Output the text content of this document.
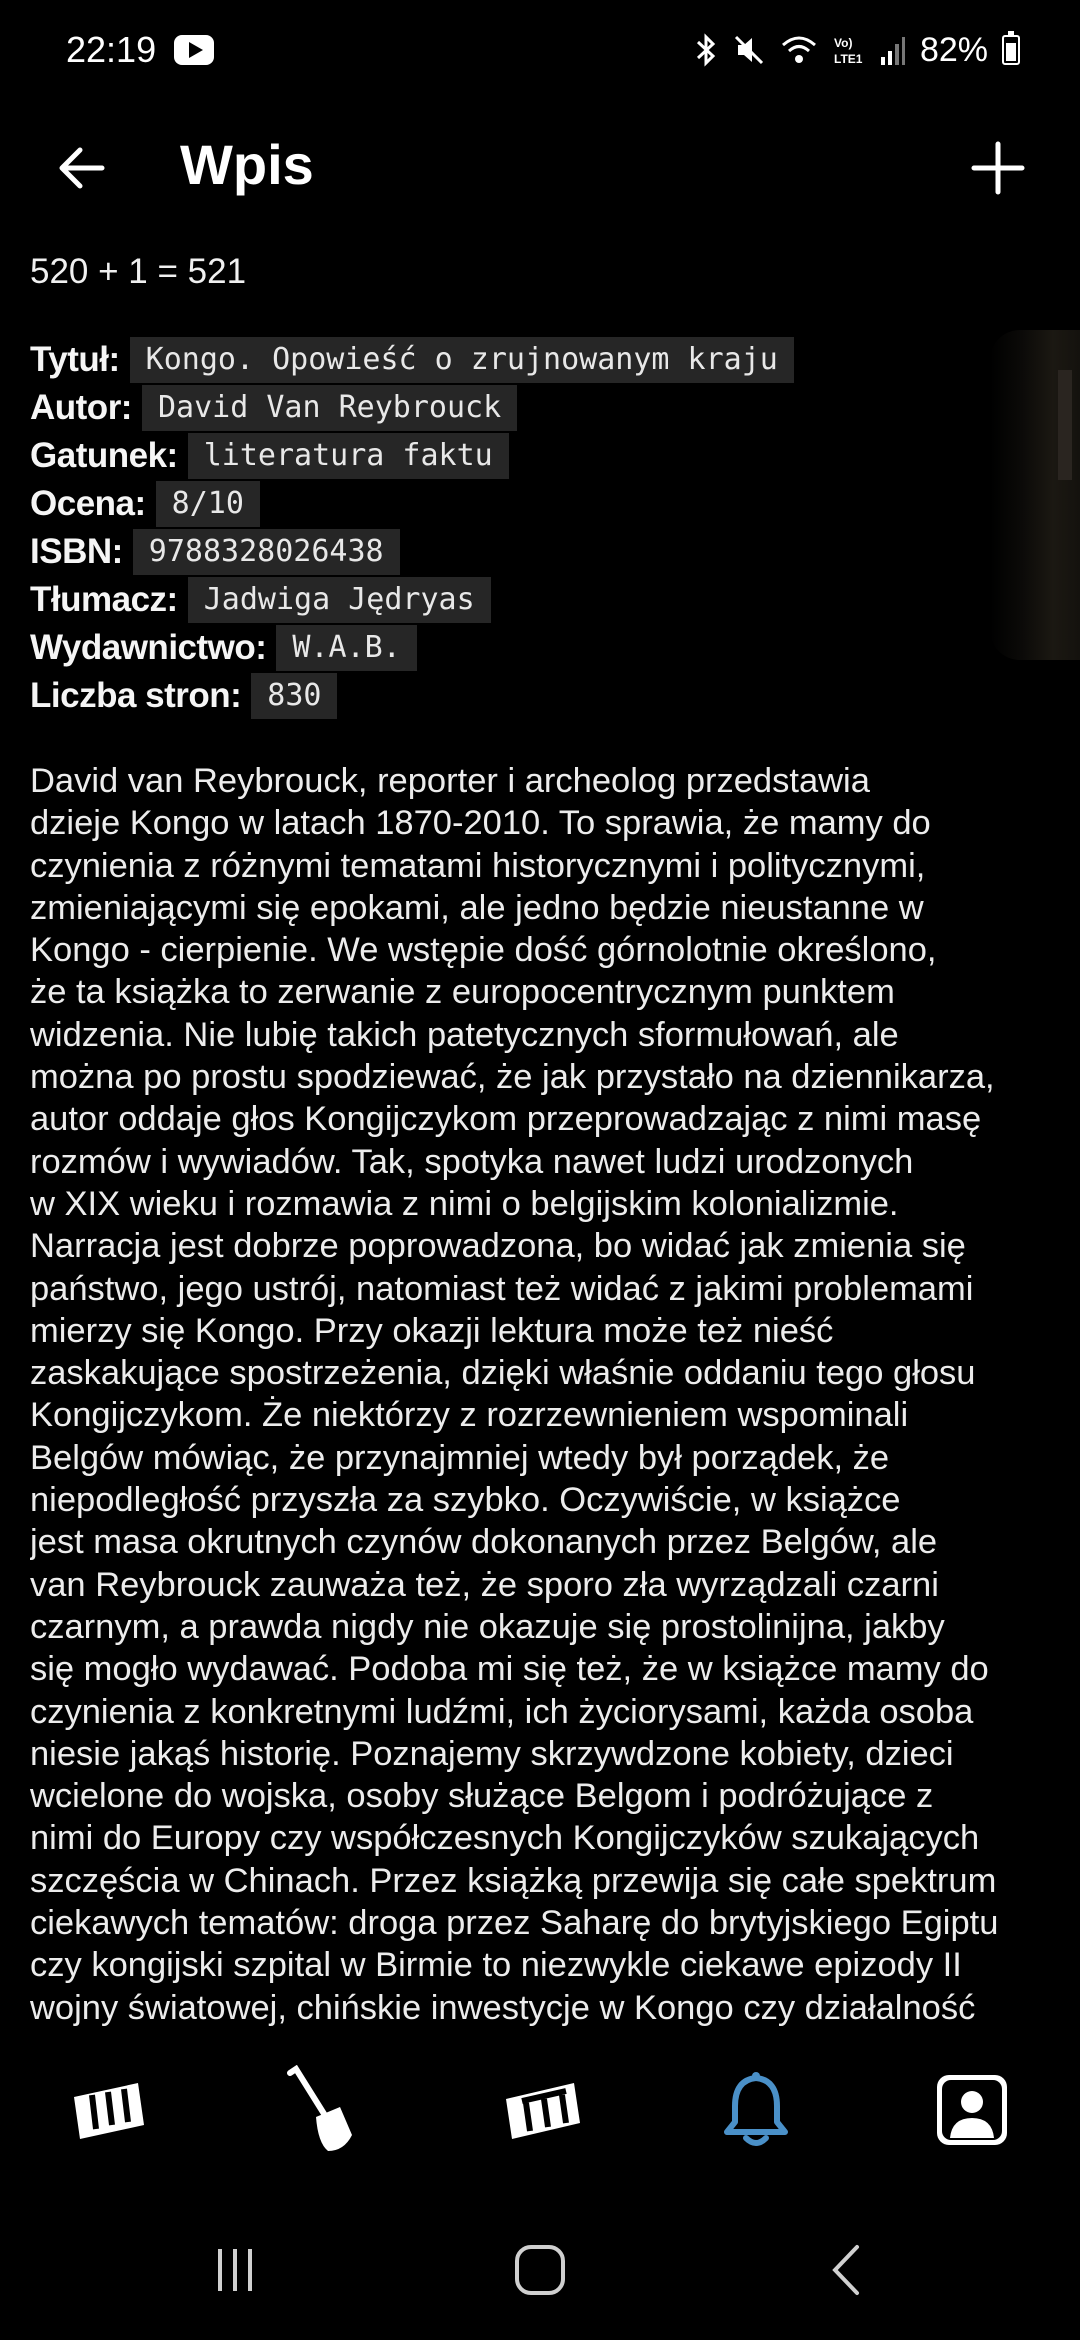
22:19	Vo)
LTE1 82%
Wpis
520 + 1 = 521
Tytuł: Kongo. Opowieść o zrujnowanym kraju
Autor: David Van Reybrouck
Gatunek: literatura faktu
Ocena: 8/10
ISBN: 9788328026438
Tłumacz: Jadwiga Jędryas
Wydawnictwo: W.A.B.
Liczba stron: 830
David van Reybrouck, reporter i archeolog przedstawia
dzieje Kongo w latach 1870-2010. To sprawia, że mamy do
czynienia z różnymi tematami historycznymi i politycznymi,
zmieniającymi się epokami, ale jedno będzie nieustanne w
Kongo - cierpienie. We wstępie dość górnolotnie określono,
że ta książka to zerwanie z europocentrycznym punktem
widzenia. Nie lubię takich patetycznych sformułowań, ale
można po prostu spodziewać, że jak przystało na dziennikarza,
autor oddaje głos Kongijczykom przeprowadzając z nimi masę
rozmów i wywiadów. Tak, spotyka nawet ludzi urodzonych
w XIX wieku i rozmawia z nimi o belgijskim kolonializmie.
Narracja jest dobrze poprowadzona, bo widać jak zmienia się
państwo, jego ustrój, natomiast też widać z jakimi problemami
mierzy się Kongo. Przy okazji lektura może też nieść
zaskakujące spostrzeżenia, dzięki właśnie oddaniu tego głosu
Kongijczykom. Że niektórzy z rozrzewnieniem wspominali
Belgów mówiąc, że przynajmniej wtedy był porządek, że
niepodległość przyszła za szybko. Oczywiście, w książce
jest masa okrutnych czynów dokonanych przez Belgów, ale
van Reybrouck zauważa też, że sporo zła wyrządzali czarni
czarnym, a prawda nigdy nie okazuje się prostolinijna, jakby
się mogło wydawać. Podoba mi się też, że w książce mamy do
czynienia z konkretnymi ludźmi, ich życiorysami, każda osoba
niesie jakąś historię. Poznajemy skrzywdzone kobiety, dzieci
wcielone do wojska, osoby służące Belgom i podróżujące z
nimi do Europy czy współczesnych Kongijczyków szukających
szczęścia w Chinach. Przez książką przewija się całe spektrum
ciekawych tematów: droga przez Saharę do brytyjskiego Egiptu
czy kongijski szpital w Birmie to niezwykle ciekawe epizody II
wojny światowej, chińskie inwestycje w Kongo czy działalność
